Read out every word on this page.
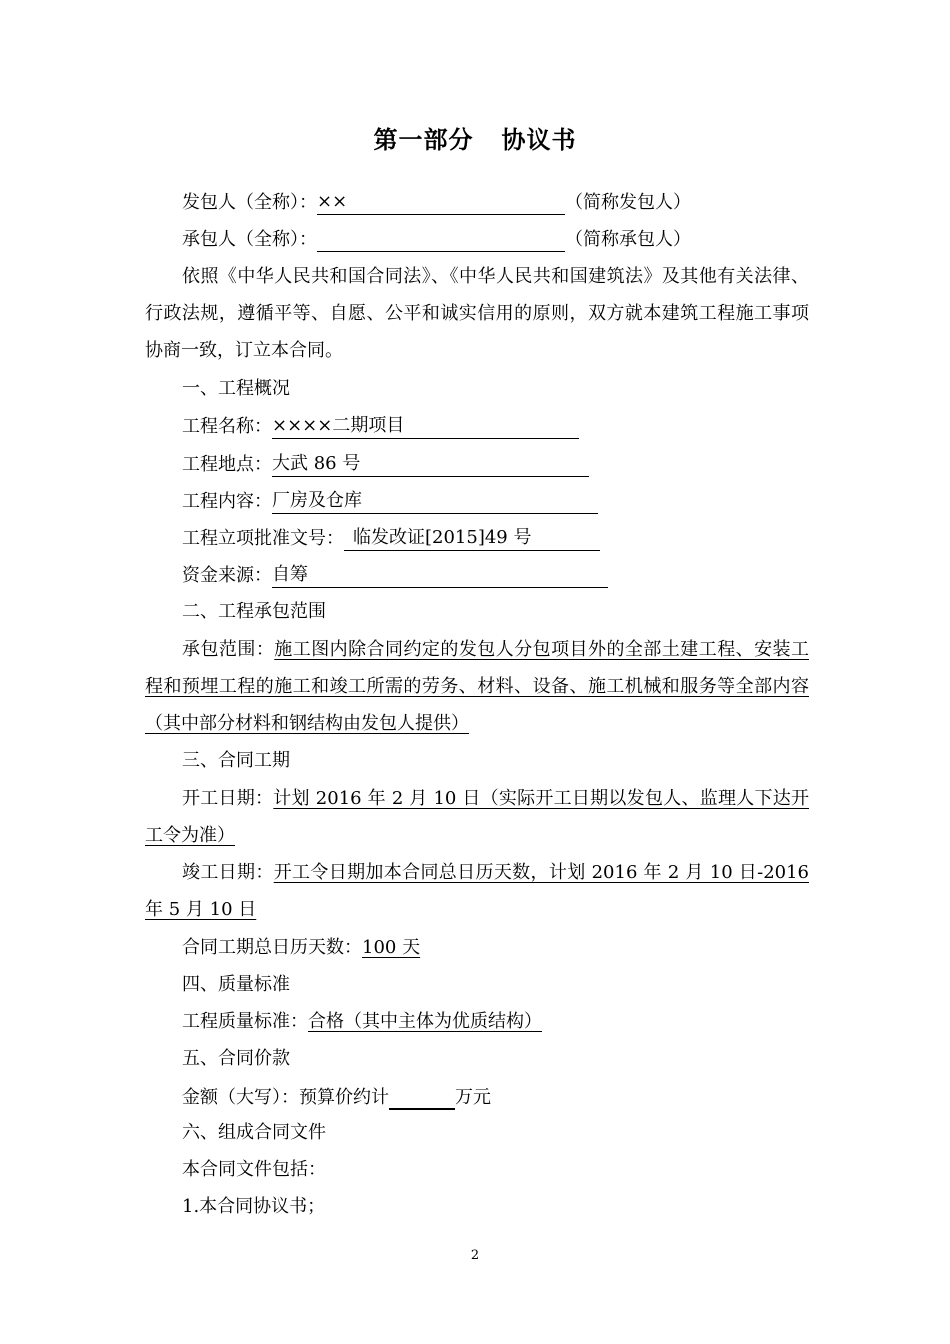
第一部分 协议书
发包人（全称）： ××	（简称发包人）
承包人（全称）：	（简称承包人）
依照《中华人民共和国合同法》、《中华人民共和国建筑法》及其他有关法律、行政法规，遵循平等、自愿、公平和诚实信用的原则，双方就本建筑工程施工事项协商一致，订立本合同。
一、工程概况
工程名称： ××××二期项目
工程地点： 大武 86 号
工程内容： 厂房及仓库
工程立项批准文号： 临发改证[2015]49 号
资金来源： 自筹
二、工程承包范围
承包范围：施工图内除合同约定的发包人分包项目外的全部土建工程、安装工程和预埋工程的施工和竣工所需的劳务、材料、设备、施工机械和服务等全部内容（其中部分材料和钢结构由发包人提供）
三、合同工期
开工日期：计划 2016 年 2 月 10 日（实际开工日期以发包人、监理人下达开工令为准）
竣工日期：开工令日期加本合同总日历天数，计划 2016 年 2 月 10 日-2016 年 5 月 10 日
合同工期总日历天数：100 天
四、质量标准
工程质量标准：合格（其中主体为优质结构）
五、合同价款
金额（大写）：预算价约计	万元
六、组成合同文件
本合同文件包括：
1.本合同协议书；
2
